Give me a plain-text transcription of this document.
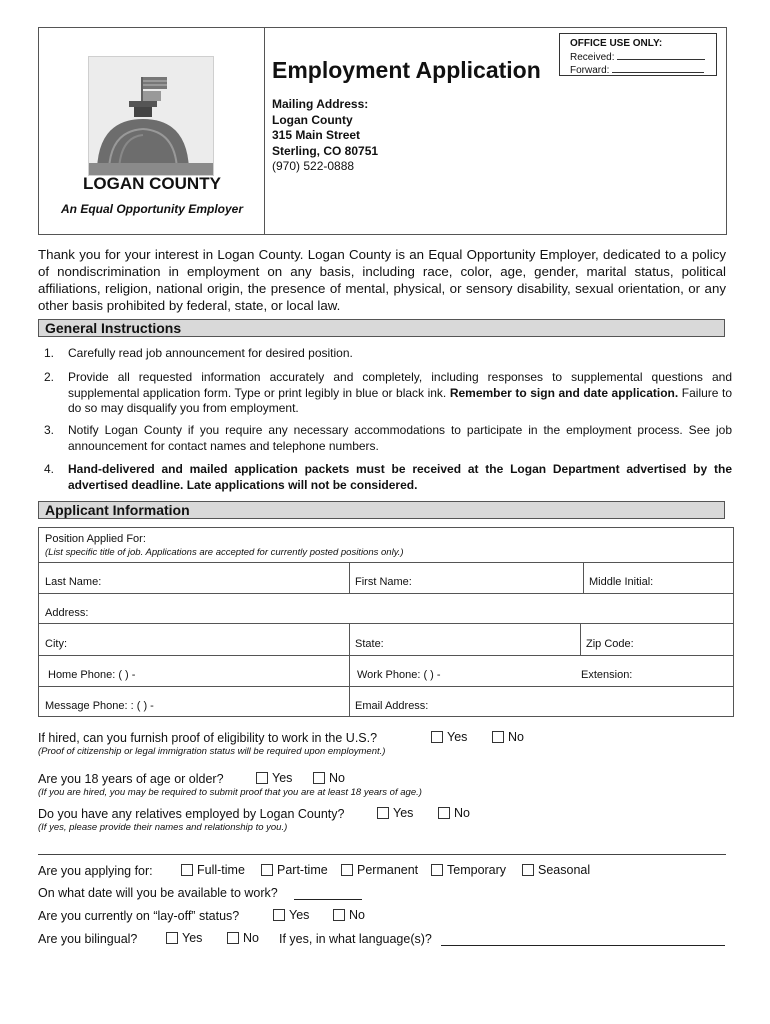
LOGAN COUNTY
An Equal Opportunity Employer
Employment Application
Mailing Address:
Logan County
315 Main Street
Sterling, CO 80751
(970) 522-0888
OFFICE USE ONLY:
Received:
Forward:
Thank you for your interest in Logan County. Logan County is an Equal Opportunity Employer, dedicated to a policy of nondiscrimination in employment on any basis, including race, color, age, gender, marital status, political affiliations, religion, national origin, the presence of mental, physical, or sensory disability, sexual orientation, or any other basis prohibited by federal, state, or local law.
General Instructions
1. Carefully read job announcement for desired position.
2. Provide all requested information accurately and completely, including responses to supplemental questions and supplemental application form. Type or print legibly in blue or black ink. Remember to sign and date application. Failure to do so may disqualify you from employment.
3. Notify Logan County if you require any necessary accommodations to participate in the employment process. See job announcement for contact names and telephone numbers.
4. Hand-delivered and mailed application packets must be received at the Logan Department advertised by the advertised deadline. Late applications will not be considered.
Applicant Information
Position Applied For:
(List specific title of job. Applications are accepted for currently posted positions only.)
Last Name:	First Name:	Middle Initial:
Address:
City:	State:	Zip Code:
Home Phone: ( ) -	Work Phone: ( ) -	Extension:
Message Phone: : ( ) -	Email Address:
If hired, can you furnish proof of eligibility to work in the U.S.?	Yes	No
(Proof of citizenship or legal immigration status will be required upon employment.)
Are you 18 years of age or older?	Yes	No
(If you are hired, you may be required to submit proof that you are at least 18 years of age.)
Do you have any relatives employed by Logan County?	Yes	No
(If yes, please provide their names and relationship to you.)
Are you applying for:	Full-time	Part-time	Permanent	Temporary	Seasonal
On what date will you be available to work?
Are you currently on “lay-off” status?	Yes	No
Are you bilingual?	Yes	No If yes, in what language(s)?
